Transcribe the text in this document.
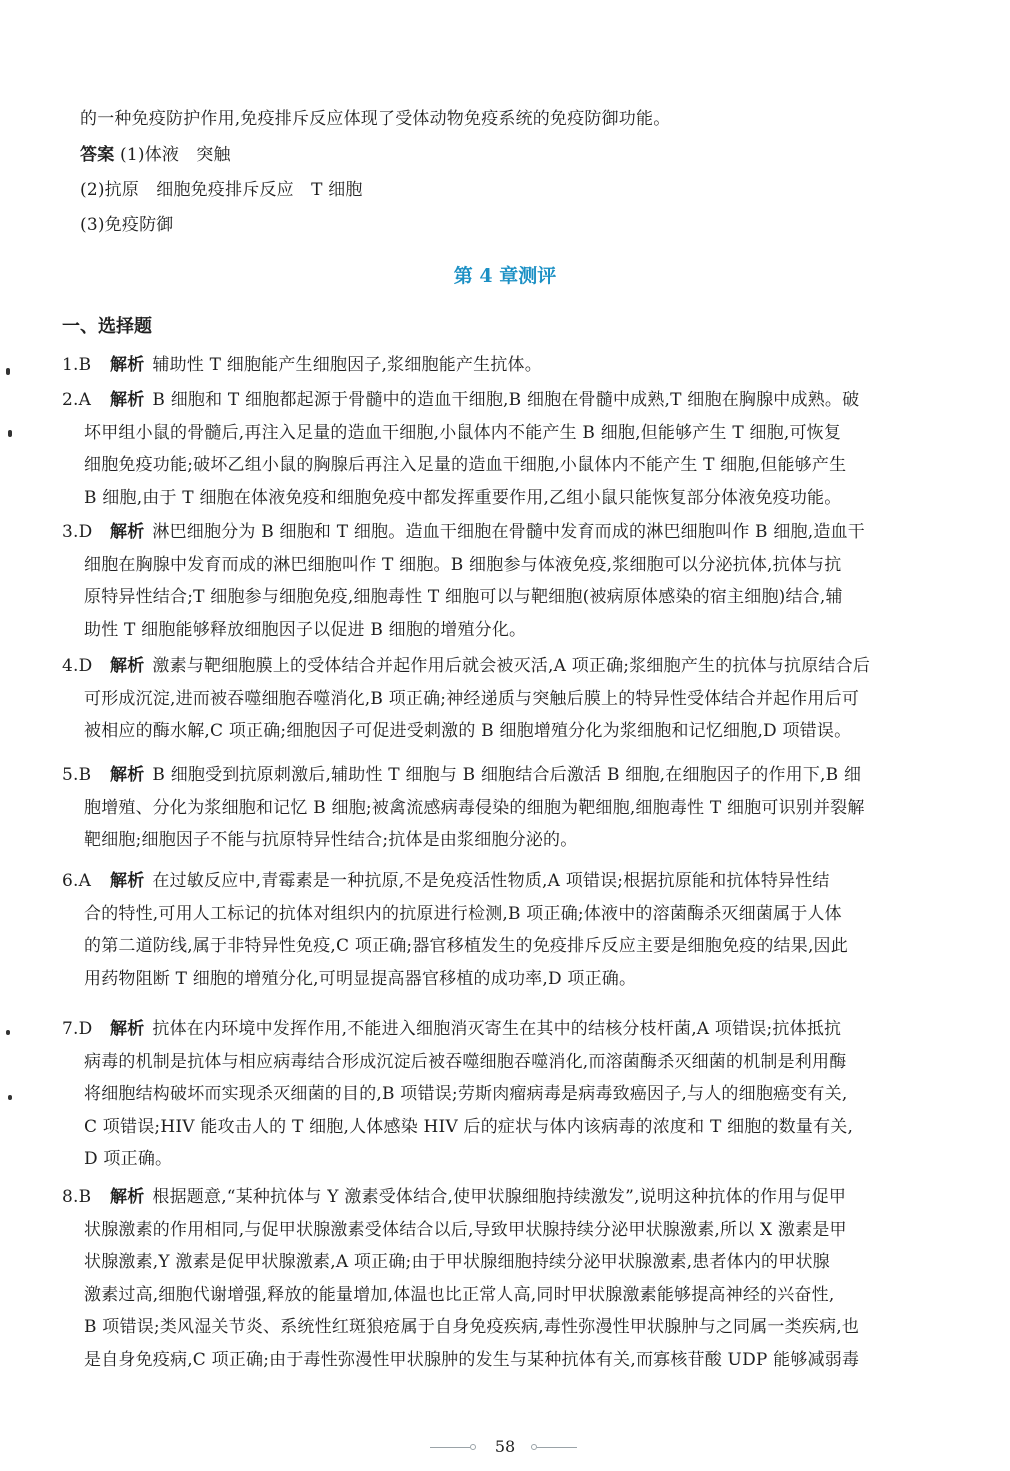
的一种免疫防护作用,免疫排斥反应体现了受体动物免疫系统的免疫防御功能。
答案 (1)体液　突触
(2)抗原　细胞免疫排斥反应　T 细胞
(3)免疫防御
第 4 章测评
一、选择题
1.B 解析 辅助性 T 细胞能产生细胞因子,浆细胞能产生抗体。
2.A 解析 B 细胞和 T 细胞都起源于骨髓中的造血干细胞,B 细胞在骨髓中成熟,T 细胞在胸腺中成熟。破
坏甲组小鼠的骨髓后,再注入足量的造血干细胞,小鼠体内不能产生 B 细胞,但能够产生 T 细胞,可恢复
细胞免疫功能;破坏乙组小鼠的胸腺后再注入足量的造血干细胞,小鼠体内不能产生 T 细胞,但能够产生
B 细胞,由于 T 细胞在体液免疫和细胞免疫中都发挥重要作用,乙组小鼠只能恢复部分体液免疫功能。
3.D 解析 淋巴细胞分为 B 细胞和 T 细胞。造血干细胞在骨髓中发育而成的淋巴细胞叫作 B 细胞,造血干
细胞在胸腺中发育而成的淋巴细胞叫作 T 细胞。B 细胞参与体液免疫,浆细胞可以分泌抗体,抗体与抗
原特异性结合;T 细胞参与细胞免疫,细胞毒性 T 细胞可以与靶细胞(被病原体感染的宿主细胞)结合,辅
助性 T 细胞能够释放细胞因子以促进 B 细胞的增殖分化。
4.D 解析 激素与靶细胞膜上的受体结合并起作用后就会被灭活,A 项正确;浆细胞产生的抗体与抗原结合后
可形成沉淀,进而被吞噬细胞吞噬消化,B 项正确;神经递质与突触后膜上的特异性受体结合并起作用后可
被相应的酶水解,C 项正确;细胞因子可促进受刺激的 B 细胞增殖分化为浆细胞和记忆细胞,D 项错误。
5.B 解析 B 细胞受到抗原刺激后,辅助性 T 细胞与 B 细胞结合后激活 B 细胞,在细胞因子的作用下,B 细
胞增殖、分化为浆细胞和记忆 B 细胞;被禽流感病毒侵染的细胞为靶细胞,细胞毒性 T 细胞可识别并裂解
靶细胞;细胞因子不能与抗原特异性结合;抗体是由浆细胞分泌的。
6.A 解析 在过敏反应中,青霉素是一种抗原,不是免疫活性物质,A 项错误;根据抗原能和抗体特异性结
合的特性,可用人工标记的抗体对组织内的抗原进行检测,B 项正确;体液中的溶菌酶杀灭细菌属于人体
的第二道防线,属于非特异性免疫,C 项正确;器官移植发生的免疫排斥反应主要是细胞免疫的结果,因此
用药物阻断 T 细胞的增殖分化,可明显提高器官移植的成功率,D 项正确。
7.D 解析 抗体在内环境中发挥作用,不能进入细胞消灭寄生在其中的结核分枝杆菌,A 项错误;抗体抵抗
病毒的机制是抗体与相应病毒结合形成沉淀后被吞噬细胞吞噬消化,而溶菌酶杀灭细菌的机制是利用酶
将细胞结构破坏而实现杀灭细菌的目的,B 项错误;劳斯肉瘤病毒是病毒致癌因子,与人的细胞癌变有关,
C 项错误;HIV 能攻击人的 T 细胞,人体感染 HIV 后的症状与体内该病毒的浓度和 T 细胞的数量有关,
D 项正确。
8.B 解析 根据题意,“某种抗体与 Y 激素受体结合,使甲状腺细胞持续激发”,说明这种抗体的作用与促甲
状腺激素的作用相同,与促甲状腺激素受体结合以后,导致甲状腺持续分泌甲状腺激素,所以 X 激素是甲
状腺激素,Y 激素是促甲状腺激素,A 项正确;由于甲状腺细胞持续分泌甲状腺激素,患者体内的甲状腺
激素过高,细胞代谢增强,释放的能量增加,体温也比正常人高,同时甲状腺激素能够提高神经的兴奋性,
B 项错误;类风湿关节炎、系统性红斑狼疮属于自身免疫疾病,毒性弥漫性甲状腺肿与之同属一类疾病,也
是自身免疫病,C 项正确;由于毒性弥漫性甲状腺肿的发生与某种抗体有关,而寡核苷酸 UDP 能够减弱毒
58
